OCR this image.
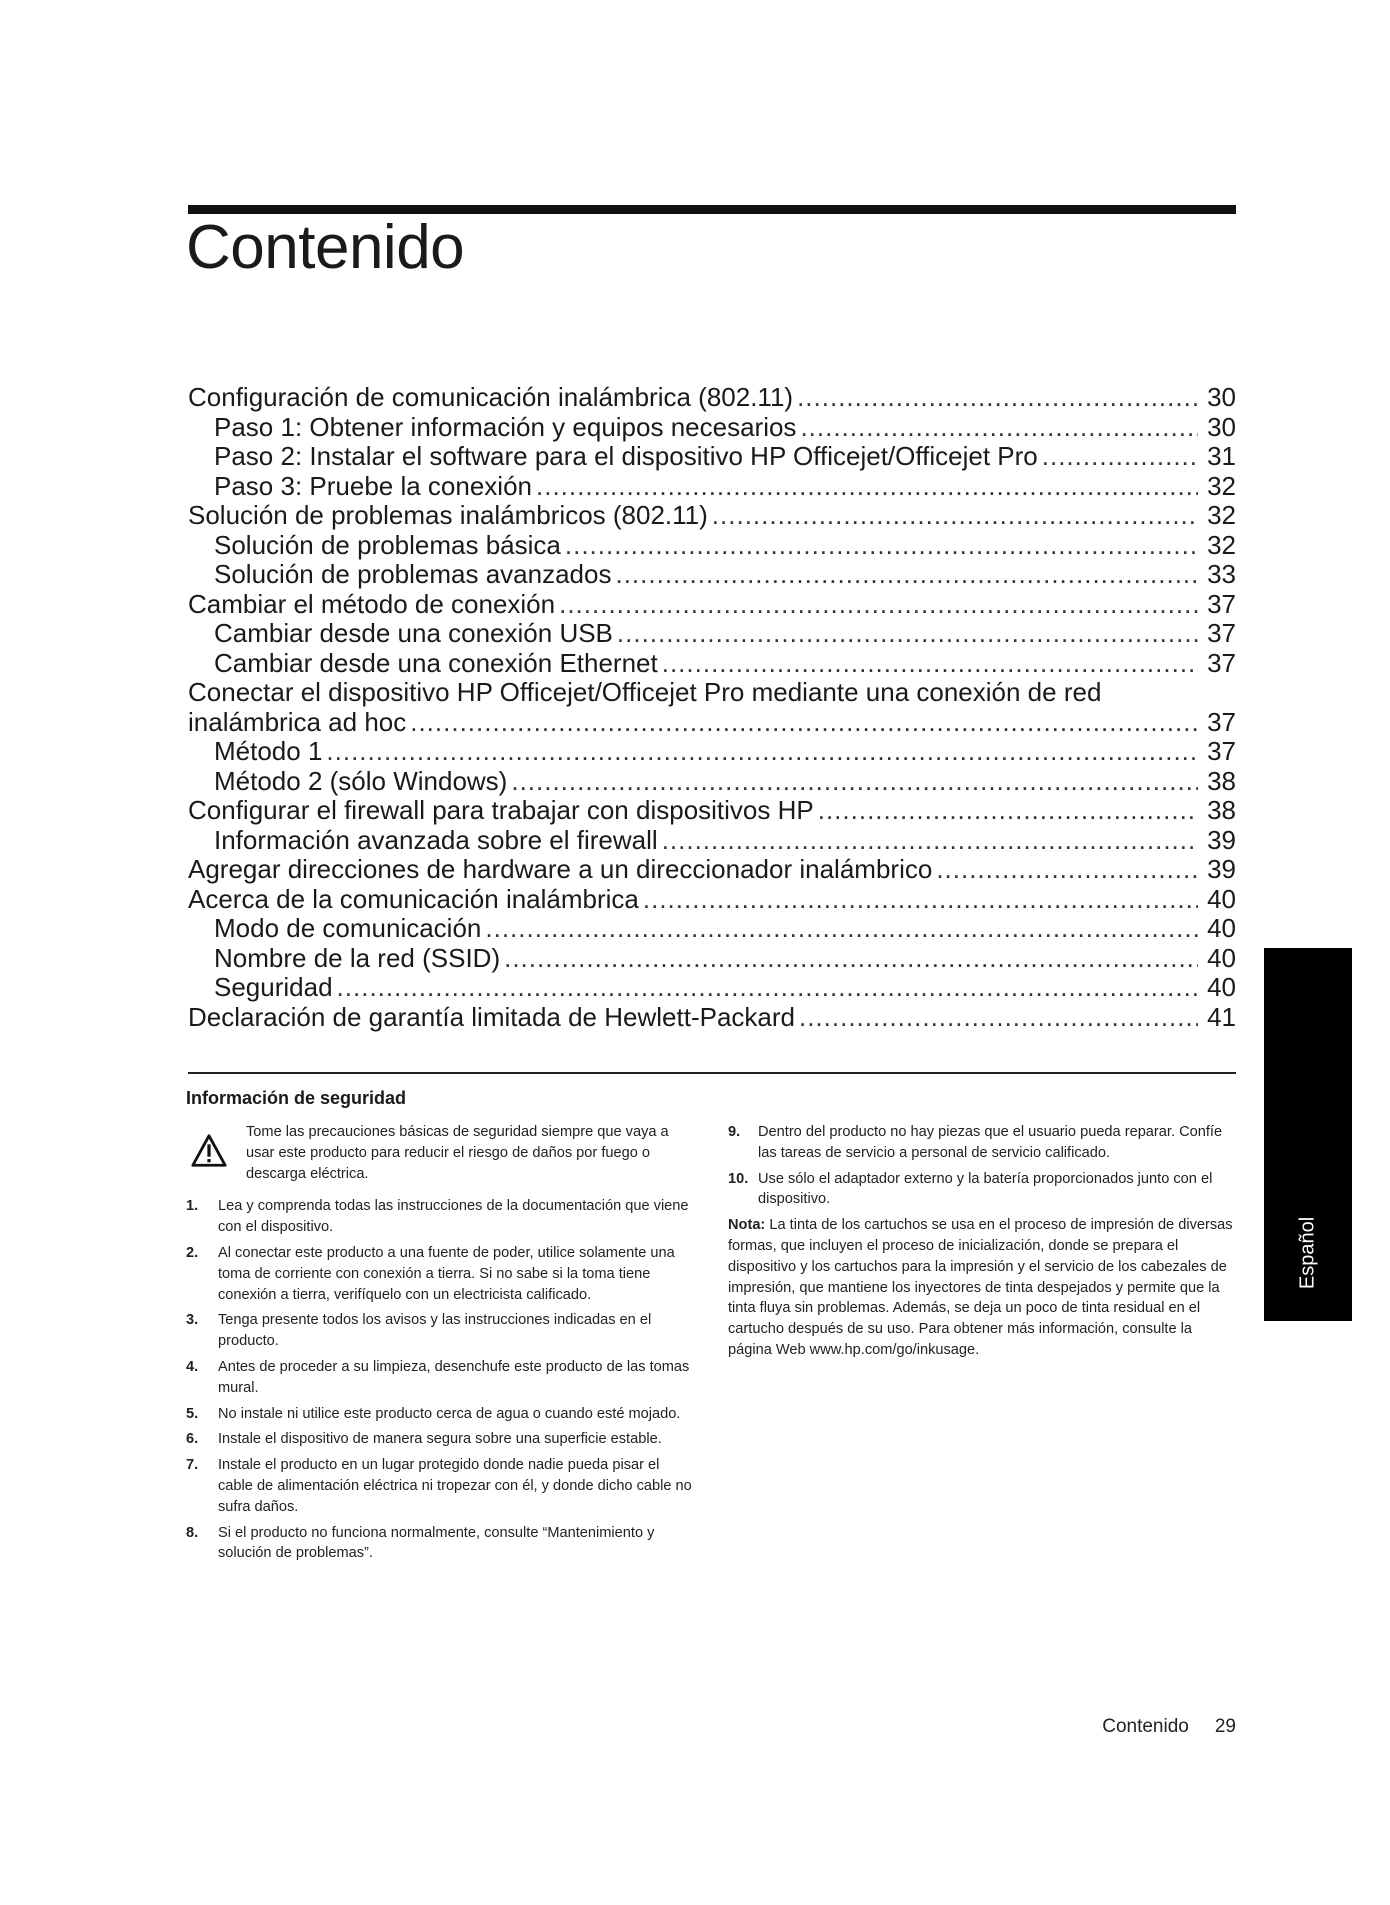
Contenido
Configuración de comunicación inalámbrica (802.11) .....	30
Paso 1: Obtener información y equipos necesarios .....	30
Paso 2: Instalar el software para el dispositivo HP Officejet/Officejet Pro .....	31
Paso 3: Pruebe la conexión .....	32
Solución de problemas inalámbricos (802.11) .....	32
Solución de problemas básica .....	32
Solución de problemas avanzados .....	33
Cambiar el método de conexión .....	37
Cambiar desde una conexión USB .....	37
Cambiar desde una conexión Ethernet .....	37
Conectar el dispositivo HP Officejet/Officejet Pro mediante una conexión de red
inalámbrica ad hoc .....	37
Método 1 .....	37
Método 2 (sólo Windows) .....	38
Configurar el firewall para trabajar con dispositivos HP .....	38
Información avanzada sobre el firewall .....	39
Agregar direcciones de hardware a un direccionador inalámbrico .....	39
Acerca de la comunicación inalámbrica .....	40
Modo de comunicación .....	40
Nombre de la red (SSID) .....	40
Seguridad .....	40
Declaración de garantía limitada de Hewlett-Packard .....	41
Información de seguridad
Tome las precauciones básicas de seguridad siempre que vaya a usar este producto para reducir el riesgo de daños por fuego o descarga eléctrica.
1.	Lea y comprenda todas las instrucciones de la documentación que viene con el dispositivo.
2.	Al conectar este producto a una fuente de poder, utilice solamente una toma de corriente con conexión a tierra. Si no sabe si la toma tiene conexión a tierra, verifíquelo con un electricista calificado.
3.	Tenga presente todos los avisos y las instrucciones indicadas en el producto.
4.	Antes de proceder a su limpieza, desenchufe este producto de las tomas mural.
5.	No instale ni utilice este producto cerca de agua o cuando esté mojado.
6.	Instale el dispositivo de manera segura sobre una superficie estable.
7.	Instale el producto en un lugar protegido donde nadie pueda pisar el cable de alimentación eléctrica ni tropezar con él, y donde dicho cable no sufra daños.
8.	Si el producto no funciona normalmente, consulte “Mantenimiento y solución de problemas”.
9.	Dentro del producto no hay piezas que el usuario pueda reparar. Confíe las tareas de servicio a personal de servicio calificado.
10. Use sólo el adaptador externo y la batería proporcionados junto con el dispositivo.
Nota: La tinta de los cartuchos se usa en el proceso de impresión de diversas formas, que incluyen el proceso de inicialización, donde se prepara el dispositivo y los cartuchos para la impresión y el servicio de los cabezales de impresión, que mantiene los inyectores de tinta despejados y permite que la tinta fluya sin problemas. Además, se deja un poco de tinta residual en el cartucho después de su uso. Para obtener más información, consulte la página Web www.hp.com/go/inkusage.
Español
Contenido 29
